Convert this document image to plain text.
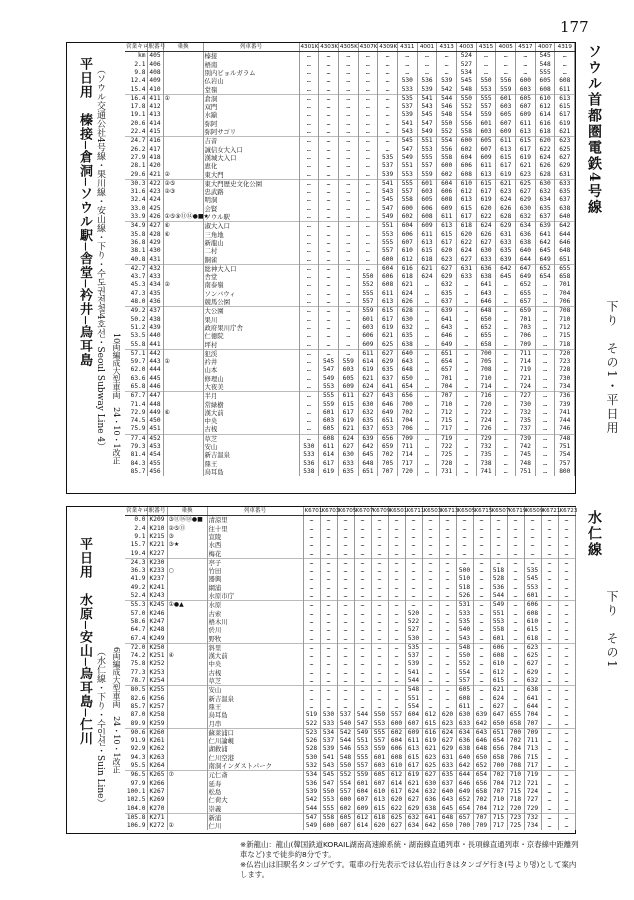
177
平日用　榛接─倉洞─ソウル駅─舎堂─衿井─烏耳島 （ソウル交通公社4号線・果川線・安山線・下り・수도권전철4호선・Seoul Subway Line 4） 10両編成大型車両　24・10・1改正
営業キロ	駅番号	乗換	列車番号	4301K	4303K	4305K	4307K	4309K	4311	4001	4313	4003	4315	4005	4517	4007	4319
km	405		榛接	…	…	…	…	…	…	…	…	524	…	…	…	545	…
2.1	406		梧南	…	…	…	…	…	…	…	…	527	…	…	…	548	…
9.8	408		別内ビョルガラム	…	…	…	…	…	…	…	…	534	…	…	…	555	…
12.4	409		仏岩山	…	…	…	…	…	530	536	539	545	550	556	600	605	608
15.4	410		堂嶺	…	…	…	…	…	533	539	542	548	553	559	603	608	611
16.4	411	①	倉洞	…	…	…	…	…	535	541	544	550	555	601	605	610	613
17.8	412		双門	…	…	…	…	…	537	543	546	552	557	603	607	612	615
19.1	413		水踰	…	…	…	…	…	539	545	548	554	559	605	609	614	617
20.6	414		弥阿	…	…	…	…	…	541	547	550	556	601	607	611	616	619
22.4	415		弥阿サゴリ	…	…	…	…	…	543	549	552	558	603	609	613	618	621
24.7	416		吉音	…	…	…	…	…	545	551	554	600	605	611	615	620	623
26.2	417		誠信女大入口	…	…	…	…	…	547	553	556	602	607	613	617	622	625
27.9	418		漢城大入口	…	…	…	…	535	549	555	558	604	609	615	619	624	627
28.1	420		恵化	…	…	…	…	537	551	557	600	606	611	617	621	626	629
29.6	421	②	東大門	…	…	…	…	539	553	559	602	608	613	619	623	628	631
30.3	422	②⑤	東大門歴史文化公園	…	…	…	…	541	555	601	604	610	615	621	625	630	633
31.6	423	②③	忠武路	…	…	…	…	543	557	603	606	612	617	623	627	632	635
32.4	424		明洞	…	…	…	…	545	558	605	608	613	619	624	629	634	637
33.0	425		会賢	…	…	…	…	547	600	606	609	615	620	626	630	635	638
33.9	426	①⑤⑨⑪⑭●■★	ソウル駅	…	…	…	…	549	602	608	611	617	622	628	632	637	640
34.9	427	⑥	淑大入口	…	…	…	…	551	604	609	613	618	624	629	634	639	642
35.8	428	⑥	三角地	…	…	…	…	553	606	611	615	620	626	631	636	641	644
36.8	429		新龍山	…	…	…	…	555	607	613	617	622	627	633	638	642	646
38.1	430		二村	…	…	…	…	557	610	615	620	624	630	635	640	645	648
40.8	431		銅雀	…	…	…	…	600	612	618	623	627	633	639	644	649	651
42.7	432		総神大入口	…	…	…	…	604	616	621	627	631	636	642	647	652	655
43.7	433		舎堂	…	…	…	550	606	618	624	629	633	638	645	649	654	658
45.3	434	②	南泰嶺	…	…	…	552	608	621	…	632	…	641	…	652	…	701
47.3	435		ソンバウィ	…	…	…	555	611	624	…	635	…	643	…	655	…	704
48.0	436		競馬公園	…	…	…	557	613	626	…	637	…	646	…	657	…	706
49.2	437		大公園	…	…	…	559	615	628	…	639	…	648	…	659	…	708
50.2	438		果川	…	…	…	601	617	630	…	641	…	650	…	701	…	710
51.2	439		政府果川庁舎	…	…	…	603	619	632	…	643	…	652	…	703	…	712
53.5	440		仁徳院	…	…	…	606	621	635	…	646	…	655	…	706	…	715
55.8	441		坪村	…	…	…	609	625	638	…	649	…	658	…	709	…	718
57.1	442		犯渓	…	…	…	611	627	640	…	651	…	700	…	711	…	720
59.7	443	①	衿井	…	545	559	614	629	643	…	654	…	705	…	714	…	723
62.0	444		山本	…	547	603	619	635	648	…	657	…	708	…	719	…	728
63.6	445		修理山	…	549	605	621	637	650	…	701	…	710	…	721	…	730
65.8	446		大夜美	…	553	609	624	641	654	…	704	…	714	…	724	…	734
67.7	447		半月	…	555	611	627	643	656	…	707	…	716	…	727	…	736
71.4	448		常緑樹	…	559	615	630	646	700	…	710	…	720	…	730	…	739
72.9	449	⑥	漢大前	…	601	617	632	649	702	…	712	…	722	…	732	…	741
74.5	450		中央	…	603	619	635	651	704	…	715	…	724	…	735	…	744
75.9	451		古桟	…	605	621	637	653	706	…	717	…	726	…	737	…	746
77.4	452		草芝	…	608	624	639	656	709	…	719	…	729	…	739	…	748
79.3	453		安山	530	611	627	642	659	711	…	722	…	732	…	742	…	751
81.4	454		新吉温泉	533	614	630	645	702	714	…	725	…	735	…	745	…	754
84.3	455		鼎王	536	617	633	648	705	717	…	728	…	738	…	748	…	757
85.7	456		烏耳島	538	619	635	651	707	720	…	731	…	741	…	751	…	800
ソウル首都圏電鉄4号線
下り　その1・平日用
平日用　水原─安山─烏耳島─仁川 （水仁線・下り・수인선・Suin Line） 6両編成大型車両　24・10・1改正
営業キロ	駅番号	乗換	列車番号	K6701	K6703	K6705	K6707	K6709	K6501	K6711	K6503	K6713	K6505	K6715	K6507	K6719	K6509	K6721	K6723
0.0	K209	③⑪⑯⑱●■	清涼里	…	…	…	…	…	…	…	…	…	…	…	…	…	…	…	…
2.4	K210	②⑤⑪	往十里	…	…	…	…	…	…	…	…	…	…	…	…	…	…	…	…
9.1	K215	③	宣陵	…	…	…	…	…	…	…	…	…	…	…	…	…	…	…	…
15.7	K221	③★	水西	…	…	…	…	…	…	…	…	…	…	…	…	…	…	…	…
19.4	K227		梅花	…	…	…	…	…	…	…	…	…	…	…	…	…	…	…	…
24.3	K230		亭子	…	…	…	…	…	…	…	…	…	…	…	…	…	…	…	…
36.3	K233	○	竹田	…	…	…	…	…	…	…	…	…	500	…	518	…	535	…	…
41.9	K237		器興	…	…	…	…	…	…	…	…	…	510	…	528	…	545	…	…
49.2	K241		網浦	…	…	…	…	…	…	…	…	…	518	…	536	…	553	…	…
52.4	K243		水原市庁	…	…	…	…	…	…	…	…	…	526	…	544	…	601	…	…
55.3	K245	①●▲	水原	…	…	…	…	…	…	…	…	…	531	…	549	…	606	…	…
57.0	K246		古索	…	…	…	…	…	…	520	…	…	533	…	551	…	608	…	…
58.6	K247		梧木川	…	…	…	…	…	…	522	…	…	535	…	553	…	610	…	…
64.7	K248		於川	…	…	…	…	…	…	527	…	…	540	…	558	…	615	…	…
67.4	K249		野牧	…	…	…	…	…	…	530	…	…	543	…	601	…	618	…	…
72.0	K250		斜里	…	…	…	…	…	…	535	…	…	548	…	606	…	623	…	…
74.2	K251	④	漢大前	…	…	…	…	…	…	537	…	…	550	…	608	…	625	…	…
75.8	K252		中央	…	…	…	…	…	…	539	…	…	552	…	610	…	627	…	…
77.3	K253		古桟	…	…	…	…	…	…	541	…	…	554	…	612	…	629	…	…
78.7	K254		草芝	…	…	…	…	…	…	544	…	…	557	…	615	…	632	…	…
80.5	K255		安山	…	…	…	…	…	…	548	…	…	605	…	621	…	638	…	…
82.6	K256		新吉温泉	…	…	…	…	…	…	551	…	…	608	…	624	…	641	…	…
85.7	K257		鼎王	…	…	…	…	…	…	554	…	…	611	…	627	…	644	…	…
87.0	K258		烏耳島	519	530	537	544	550	557	604	612	620	630	639	647	655	704	…	…
89.9	K259		月串	522	533	540	547	553	600	607	615	623	633	642	650	658	707	…	…
90.6	K260		蘇莱浦口	523	534	542	549	555	602	609	616	624	634	643	651	700	709	…	…
91.9	K261		仁川論峴	526	537	544	551	557	604	611	619	627	636	646	654	702	711	…	…
92.9	K262		湖救浦	528	539	546	553	559	606	613	621	629	638	648	656	704	713	…	…
94.3	K263		仁川空港	530	541	548	555	601	608	615	623	631	640	650	658	706	715	…	…
95.5	K264		南洞インダストパーク	532	543	550	557	603	610	617	625	633	642	652	700	708	717	…	…
96.5	K265	⑦	元仁斎	534	545	552	559	605	612	619	627	635	644	654	702	710	719	…	…
97.9	K266		延寿	536	547	554	601	607	614	621	630	637	646	656	704	712	721	…	…
100.1	K267		松島	539	550	557	604	610	617	624	632	640	649	658	707	715	724	…	…
102.5	K269		仁荷大	542	553	600	607	613	620	627	636	643	652	702	710	718	727	…	…
104.0	K270		崇義	544	555	602	609	615	622	629	638	645	654	704	712	720	729	…	…
105.8	K271		新浦	547	558	605	612	618	625	632	641	648	657	707	715	723	732	…	…
106.9	K272	①	仁川	549	600	607	614	620	627	634	642	650	700	709	717	725	734	…	…
水仁線
下り　その1
※新龍山：龍山(韓国鉄道KORAIL湖南高速線系統・湖南線直通列車・長項線直通列車・京春線中距離列車など)まで徒歩約8分です。
※仏岩山は旧駅名タンゴゲです。電車の行先表示では仏岩山行きはタンゴゲ行き(号より명)として案内します。
